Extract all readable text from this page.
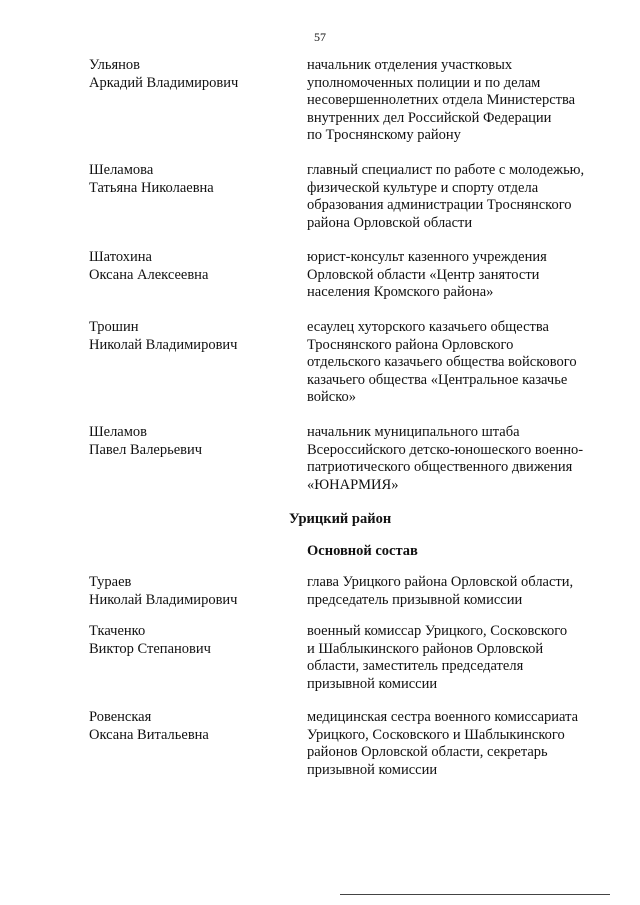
57
Ульянов
Аркадий Владимирович
начальник отделения участковых
уполномоченных полиции и по делам
несовершеннолетних отдела Министерства
внутренних дел Российской Федерации
по Троснянскому району
Шеламова
Татьяна Николаевна
главный специалист по работе с молодежью,
физической культуре и спорту отдела
образования администрации Троснянского
района Орловской области
Шатохина
Оксана Алексеевна
юрист-консульт казенного учреждения
Орловской области «Центр занятости
населения Кромского района»
Трошин
Николай Владимирович
есаулец хуторского казачьего общества
Троснянского района Орловского
отдельского казачьего общества войскового
казачьего общества «Центральное казачье
войско»
Шеламов
Павел Валерьевич
начальник муниципального штаба
Всероссийского детско-юношеского военно-
патриотического общественного движения
«ЮНАРМИЯ»
Урицкий район
Основной состав
Тураев
Николай Владимирович
глава Урицкого района Орловской области,
председатель призывной комиссии
Ткаченко
Виктор Степанович
военный комиссар Урицкого, Сосковского
и Шаблыкинского районов Орловской
области, заместитель председателя
призывной комиссии
Ровенская
Оксана Витальевна
медицинская сестра военного комиссариата
Урицкого, Сосковского и Шаблыкинского
районов Орловской области, секретарь
призывной комиссии
